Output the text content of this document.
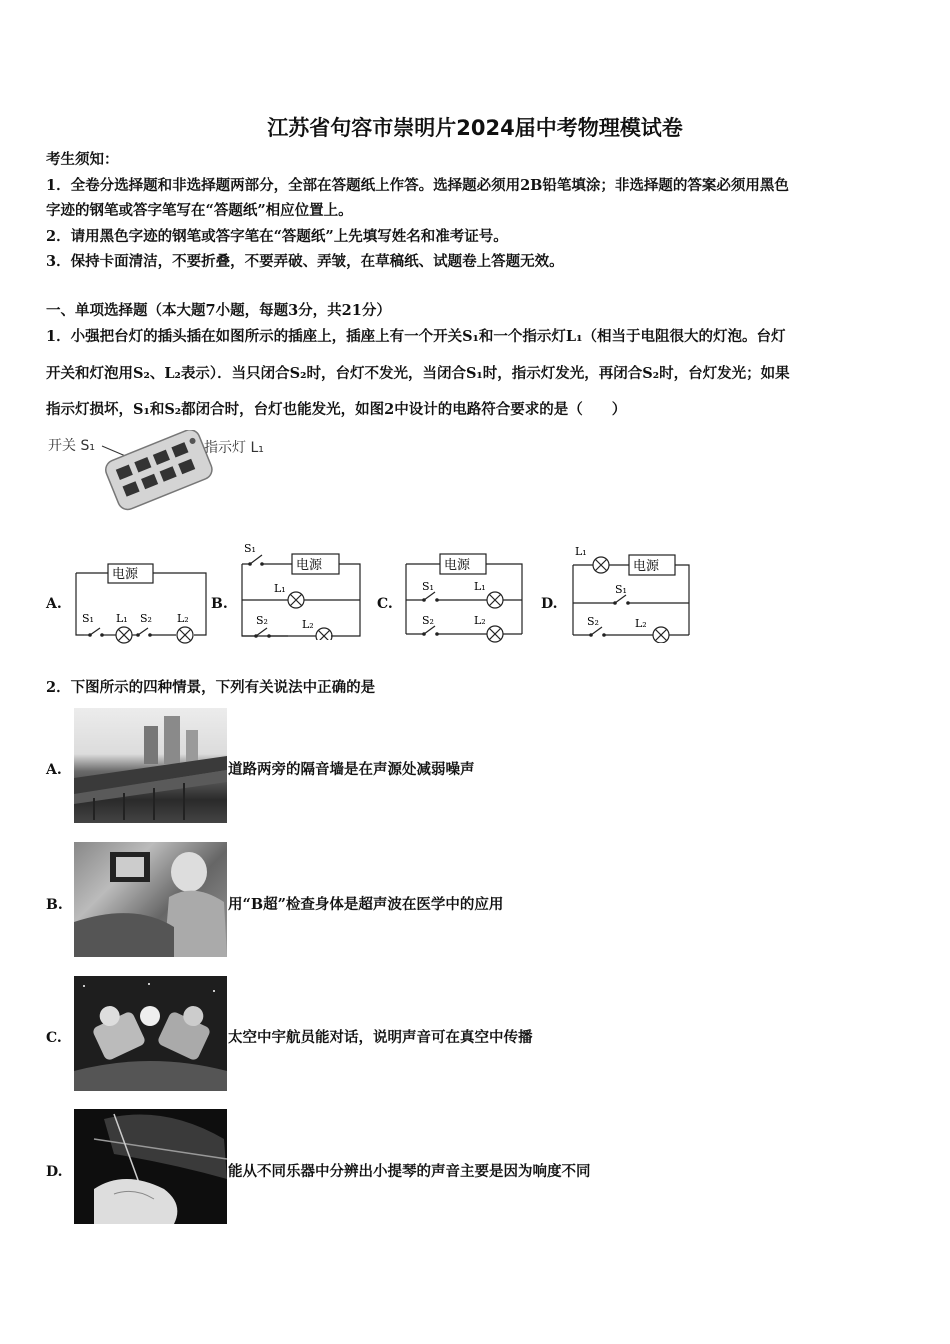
江苏省句容市崇明片2024届中考物理模试卷
考生须知：
1．全卷分选择题和非选择题两部分，全部在答题纸上作答。选择题必须用2B铅笔填涂；非选择题的答案必须用黑色
字迹的钢笔或答字笔写在“答题纸”相应位置上。
2．请用黑色字迹的钢笔或答字笔在“答题纸”上先填写姓名和准考证号。
3．保持卡面清洁，不要折叠，不要弄破、弄皱，在草稿纸、试题卷上答题无效。
一、单项选择题（本大题7小题，每题3分，共21分）
1．小强把台灯的插头插在如图所示的插座上，插座上有一个开关S₁和一个指示灯L₁（相当于电阻很大的灯泡。台灯
开关和灯泡用S₂、L₂表示）．当只闭合S₂时，台灯不发光，当闭合S₁时，指示灯发光，再闭合S₂时，台灯发光；如果
指示灯损坏，S₁和S₂都闭合时，台灯也能发光，如图2中设计的电路符合要求的是（　　）
开关 S₁	指示灯 L₁
A.	B.	C.	D.
电源
S₁ L₁ S₂ L₂
电源
S₁
L₁
S₂	L₂
电源
S₁	L₁
S₂	L₂
电源
L₁
S₁
S₂	L₂
2．下图所示的四种情景，下列有关说法中正确的是
A.	道路两旁的隔音墙是在声源处减弱噪声
B.	用“B超”检查身体是超声波在医学中的应用
C.	太空中宇航员能对话，说明声音可在真空中传播
D.	能从不同乐器中分辨出小提琴的声音主要是因为响度不同
